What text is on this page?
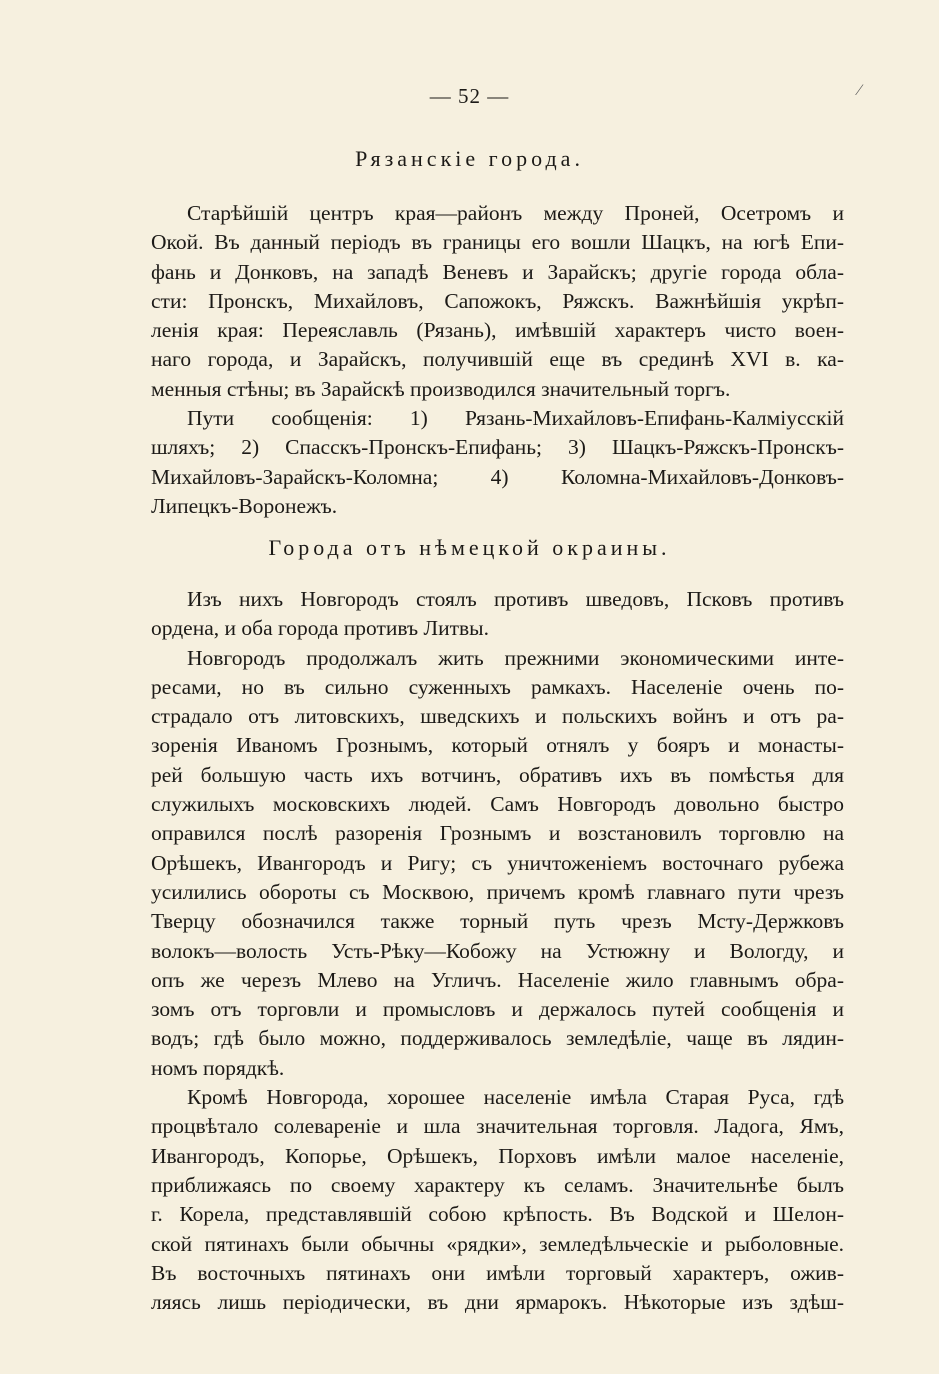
— 52 —	⁄
Рязанскіе города.
Старѣйшій центръ края—районъ между Проней, Осетромъ и
Окой. Въ данный періодъ въ границы его вошли Шацкъ, на югѣ Епи-
фань и Донковъ, на западѣ Веневъ и Зарайскъ; другіе города обла-
сти: Пронскъ, Михайловъ, Сапожокъ, Ряжскъ. Важнѣйшія укрѣп-
ленія края: Переяславль (Рязань), имѣвшій характеръ чисто воен-
наго города, и Зарайскъ, получившій еще въ срединѣ XVI в. ка-
менныя стѣны; въ Зарайскѣ производился значительный торгъ.
Пути сообщенія: 1) Рязань-Михайловъ-Епифань-Калміусскій
шляхъ; 2) Спасскъ-Пронскъ-Епифань; 3) Шацкъ-Ряжскъ-Пронскъ-
Михайловъ-Зарайскъ-Коломна; 4) Коломна-Михайловъ-Донковъ-
Липецкъ-Воронежъ.
Города отъ нѣмецкой окраины.
Изъ нихъ Новгородъ стоялъ противъ шведовъ, Псковъ противъ
ордена, и оба города противъ Литвы.
Новгородъ продолжалъ жить прежними экономическими инте-
ресами, но въ сильно суженныхъ рамкахъ. Населеніе очень по-
страдало отъ литовскихъ, шведскихъ и польскихъ войнъ и отъ ра-
зоренія Иваномъ Грознымъ, который отнялъ у бояръ и монасты-
рей большую часть ихъ вотчинъ, обративъ ихъ въ помѣстья для
служилыхъ московскихъ людей. Самъ Новгородъ довольно быстро
оправился послѣ разоренія Грознымъ и возстановилъ торговлю на
Орѣшекъ, Ивангородъ и Ригу; съ уничтоженіемъ восточнаго рубежа
усилились обороты съ Москвою, причемъ кромѣ главнаго пути чрезъ
Тверцу обозначился также торный путь чрезъ Мсту-Держковъ
волокъ—волость Усть-Рѣку—Кобожу на Устюжну и Вологду, и
опъ же черезъ Млево на Угличъ. Населеніе жило главнымъ обра-
зомъ отъ торговли и промысловъ и держалось путей сообщенія и
водъ; гдѣ было можно, поддерживалось земледѣліе, чаще въ лядин-
номъ порядкѣ.
Кромѣ Новгорода, хорошее населеніе имѣла Старая Руса, гдѣ
процвѣтало солевареніе и шла значительная торговля. Ладога, Ямъ,
Ивангородъ, Копорье, Орѣшекъ, Порховъ имѣли малое населеніе,
приближаясь по своему характеру къ селамъ. Значительнѣе былъ
г. Корела, представлявшій собою крѣпость. Въ Водской и Шелон-
ской пятинахъ были обычны «рядки», земледѣльческіе и рыболовные.
Въ восточныхъ пятинахъ они имѣли торговый характеръ, ожив-
ляясь лишь періодически, въ дни ярмарокъ. Нѣкоторые изъ здѣш-
